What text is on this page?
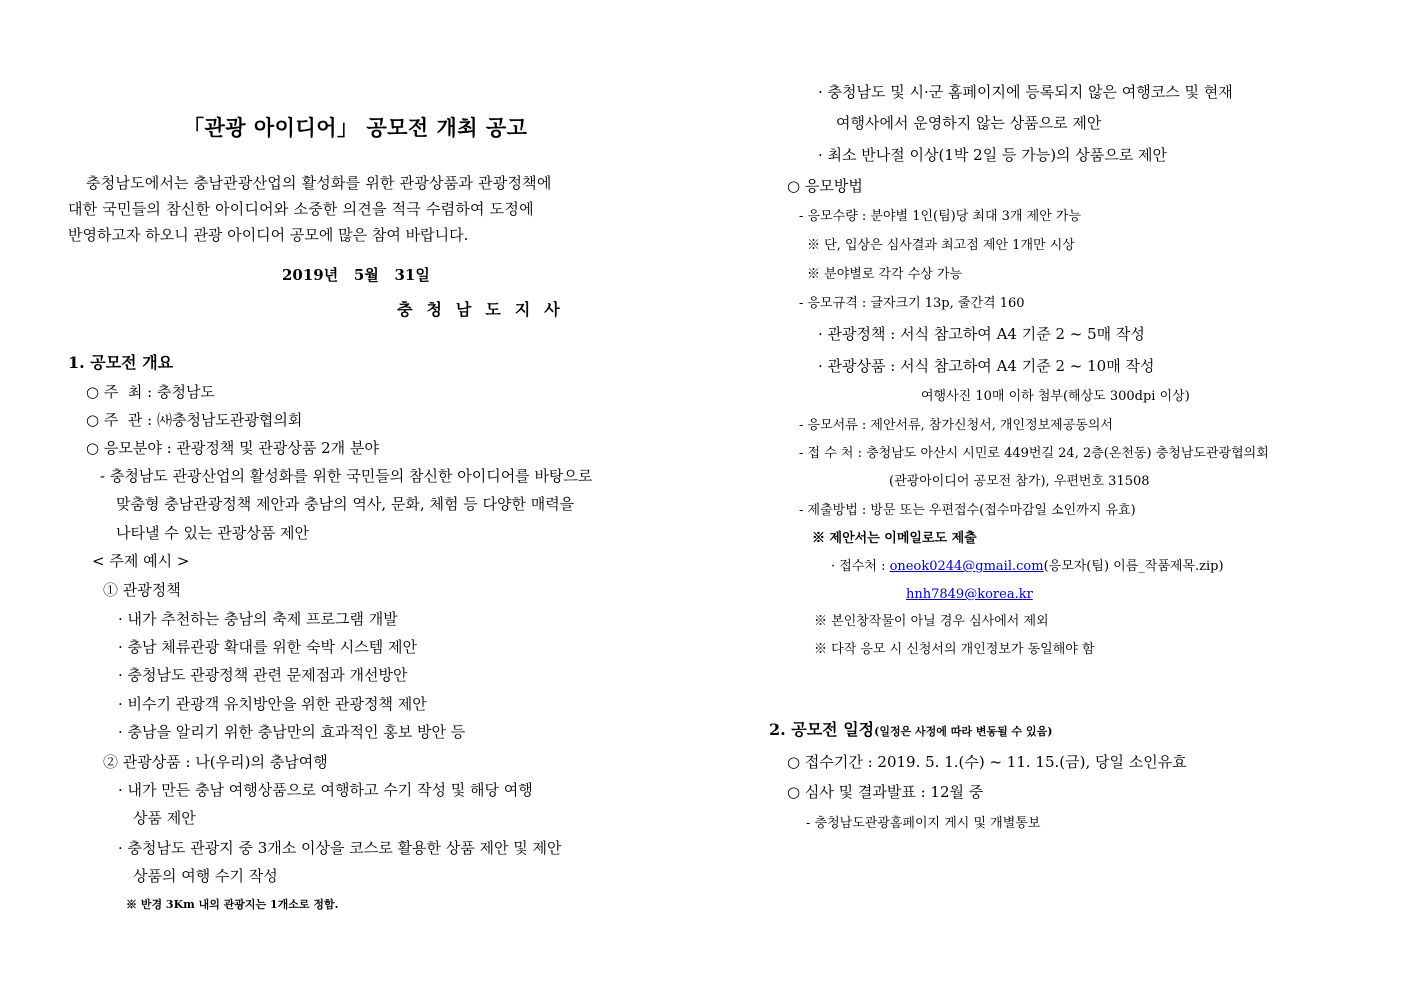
「관광 아이디어」 공모전 개최 공고
충청남도에서는 충남관광산업의 활성화를 위한 관광상품과 관광정책에
대한 국민들의 참신한 아이디어와 소중한 의견을 적극 수렴하여 도정에
반영하고자 하오니 관광 아이디어 공모에 많은 참여 바랍니다.
2019년   5월   31일
충청남도지사
1. 공모전 개요
○ 주  최 : 충청남도
○ 주  관 : ㈔충청남도관광협의회
○ 응모분야 : 관광정책 및 관광상품 2개 분야
- 충청남도 관광산업의 활성화를 위한 국민들의 참신한 아이디어를 바탕으로
맞춤형 충남관광정책 제안과 충남의 역사, 문화, 체험 등 다양한 매력을
나타낼 수 있는 관광상품 제안
< 주제 예시 >
① 관광정책
· 내가 추천하는 충남의 축제 프로그램 개발
· 충남 체류관광 확대를 위한 숙박 시스템 제안
· 충청남도 관광정책 관련 문제점과 개선방안
· 비수기 관광객 유치방안을 위한 관광정책 제안
· 충남을 알리기 위한 충남만의 효과적인 홍보 방안 등
② 관광상품 : 나(우리)의 충남여행
· 내가 만든 충남 여행상품으로 여행하고 수기 작성 및 해당 여행
상품 제안
· 충청남도 관광지 중 3개소 이상을 코스로 활용한 상품 제안 및 제안
상품의 여행 수기 작성
※ 반경 3Km 내의 관광지는 1개소로 정함.
· 충청남도 및 시·군 홈페이지에 등록되지 않은 여행코스 및 현재
여행사에서 운영하지 않는 상품으로 제안
· 최소 반나절 이상(1박 2일 등 가능)의 상품으로 제안
○ 응모방법
- 응모수량 : 분야별 1인(팀)당 최대 3개 제안 가능
※ 단, 입상은 심사결과 최고점 제안 1개만 시상
※ 분야별로 각각 수상 가능
- 응모규격 : 글자크기 13p, 줄간격 160
· 관광정책 : 서식 참고하여 A4 기준 2 ~ 5매 작성
· 관광상품 : 서식 참고하여 A4 기준 2 ~ 10매 작성
여행사진 10매 이하 첨부(해상도 300dpi 이상)
- 응모서류 : 제안서류, 참가신청서, 개인정보제공동의서
- 접 수 처 : 충청남도 아산시 시민로 449번길 24, 2층(온천동) 충청남도관광협의회
(관광아이디어 공모전 참가), 우편번호 31508
- 제출방법 : 방문 또는 우편접수(접수마감일 소인까지 유효)
※ 제안서는 이메일로도 제출
· 접수처 : oneok0244@gmail.com(응모자(팀) 이름_작품제목.zip)
hnh7849@korea.kr
※ 본인창작물이 아닐 경우 심사에서 제외
※ 다작 응모 시 신청서의 개인정보가 동일해야 함
2. 공모전 일정(일정은 사정에 따라 변동될 수 있음)
○ 접수기간 : 2019. 5. 1.(수) ~ 11. 15.(금), 당일 소인유효
○ 심사 및 결과발표 : 12월 중
- 충청남도관광홈페이지 게시 및 개별통보
